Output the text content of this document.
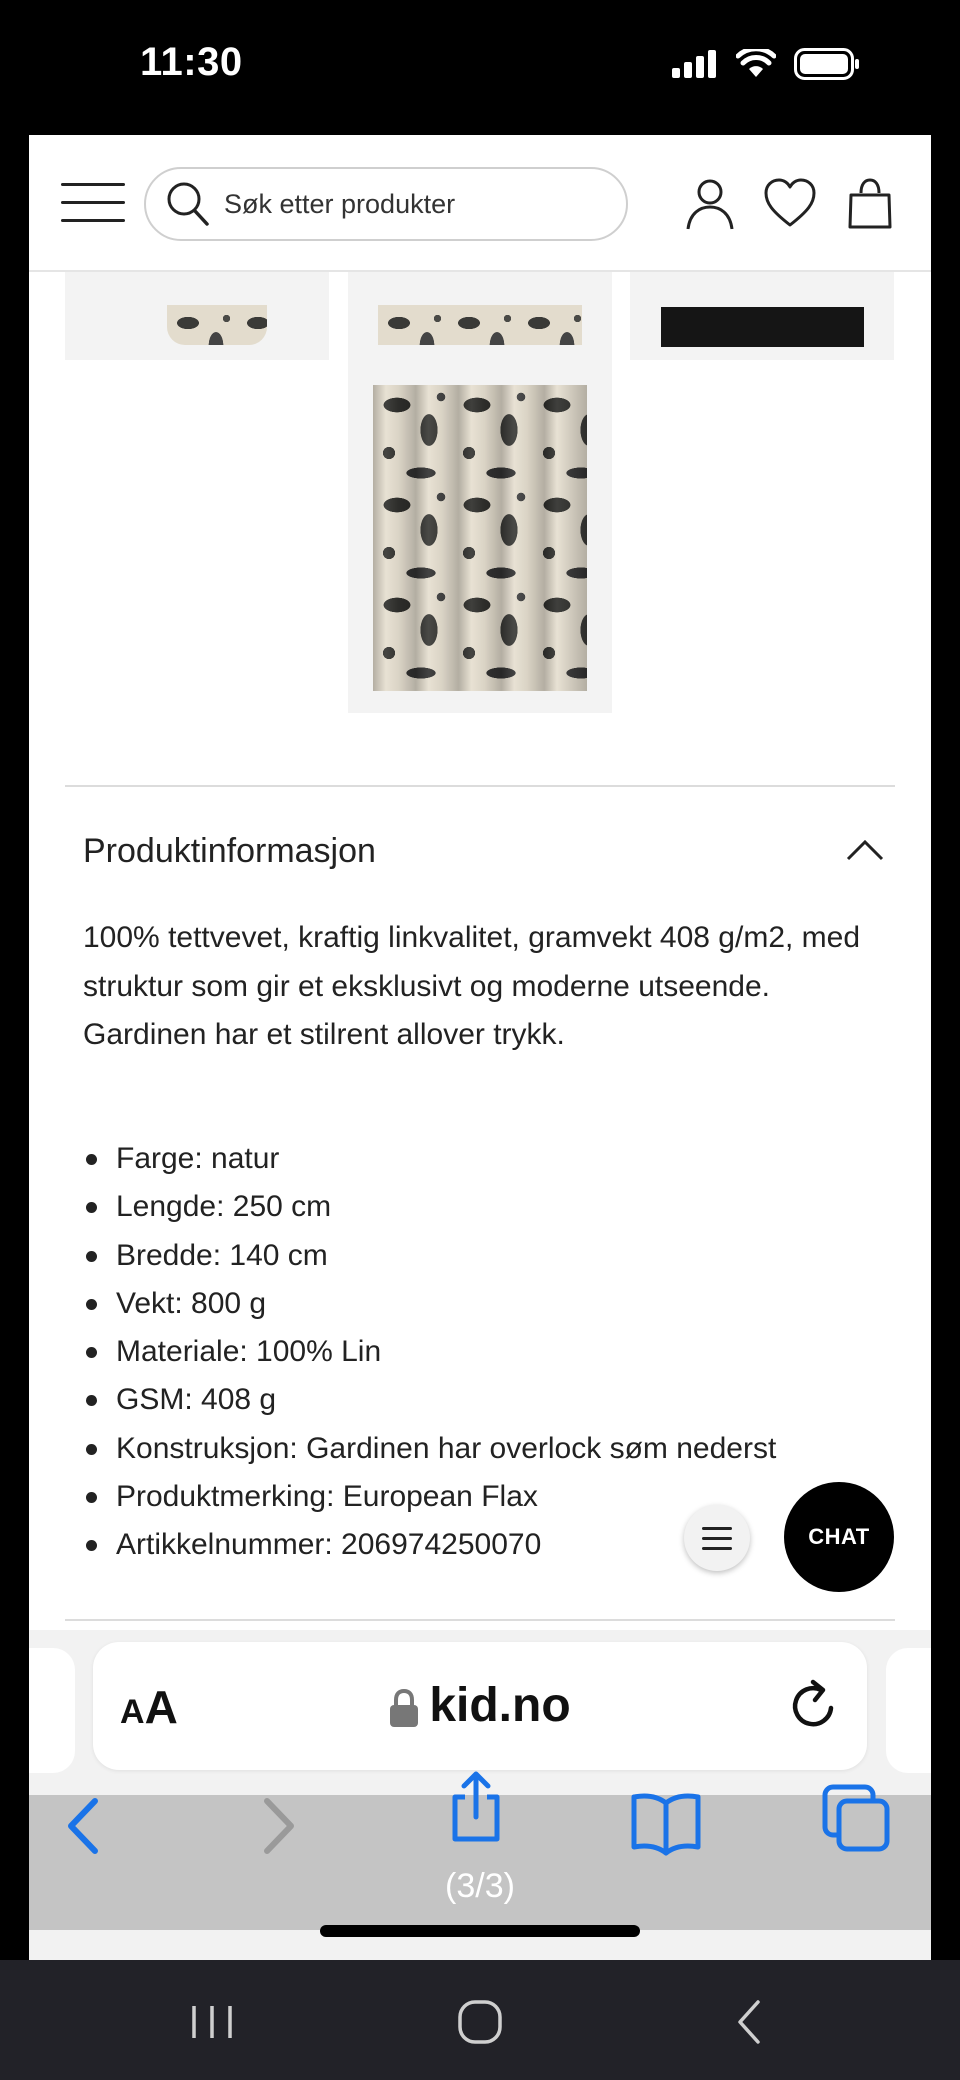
11:30
Søk etter produkter
Produktinformasjon

100% tettvevet, kraftig linkvalitet, gramvekt 408 g/m2, med struktur som gir et eksklusivt og moderne utseende. Gardinen har et stilrent allover trykk.

Farge: natur
Lengde: 250 cm
Bredde: 140 cm
Vekt: 800 g
Materiale: 100% Lin
GSM: 408 g
Konstruksjon: Gardinen har overlock søm nederst
Produktmerking: European Flax
Artikkelnummer: 206974250070	CHAT
AA	kid.no
(3/3)
